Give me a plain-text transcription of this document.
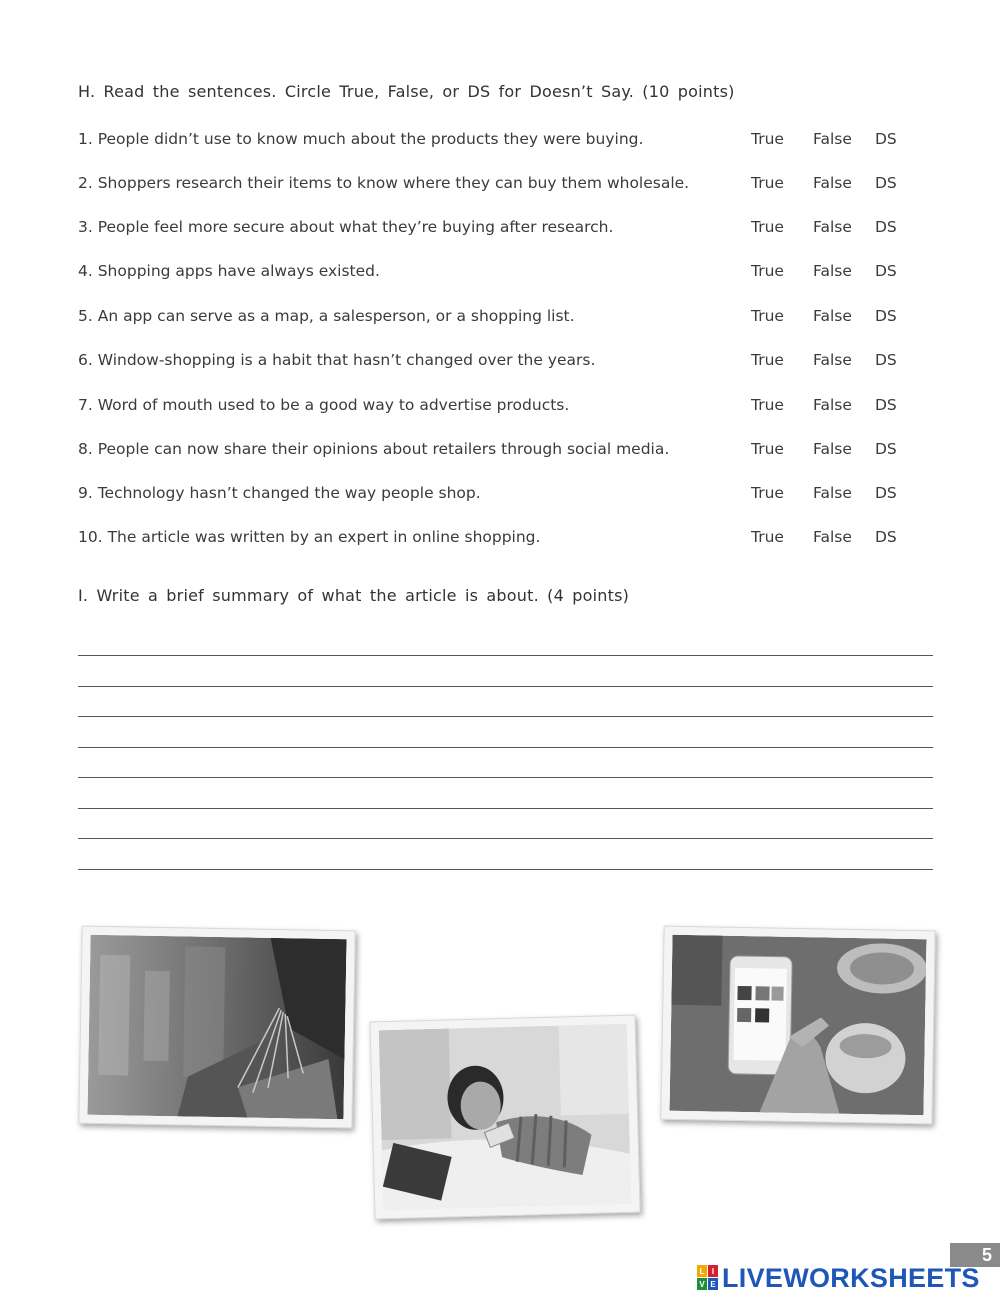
H. Read the sentences. Circle True, False, or DS for Doesn’t Say. (10 points)
1. People didn’t use to know much about the products they were buying.	True False DS
2. Shoppers research their items to know where they can buy them wholesale.	True False DS
3. People feel more secure about what they’re buying after research.	True False DS
4. Shopping apps have always existed.	True False DS
5. An app can serve as a map, a salesperson, or a shopping list.	True False DS
6. Window-shopping is a habit that hasn’t changed over the years.	True False DS
7. Word of mouth used to be a good way to advertise products.	True False DS
8. People can now share their opinions about retailers through social media.	True False DS
9. Technology hasn’t changed the way people shop.	True False DS
10. The article was written by an expert in online shopping.	True False DS
I. Write a brief summary of what the article is about. (4 points)
5
L I
V E LIVEWORKSHEETS
